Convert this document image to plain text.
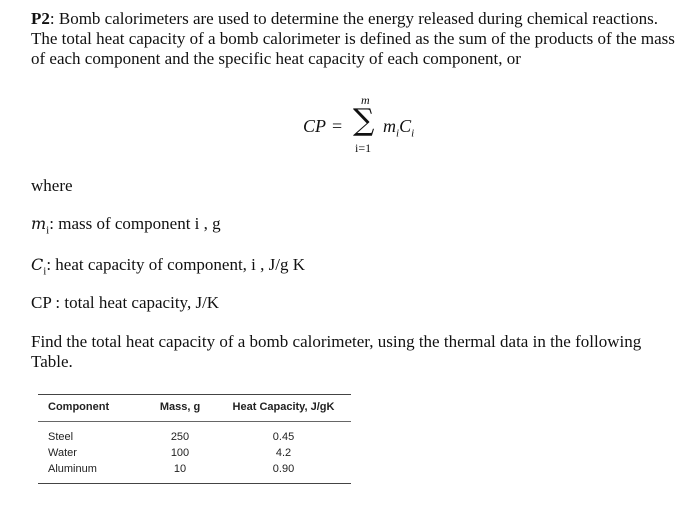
P2: Bomb calorimeters are used to determine the energy released during chemical reactions. The total heat capacity of a bomb calorimeter is defined as the sum of the products of the mass of each component and the specific heat capacity of each component, or
CP =
m
∑
i=1
$m_iC_i$
where
$m_i$: mass of component i , g
$C_i$: heat capacity of component, i , J/g K
CP : total heat capacity, J/K
Find the total heat capacity of a bomb calorimeter, using the thermal data in the following Table.
Component	Mass, g	Heat Capacity, J/gK
Steel	250	0.45
Water	100	4.2
Aluminum	10	0.90
